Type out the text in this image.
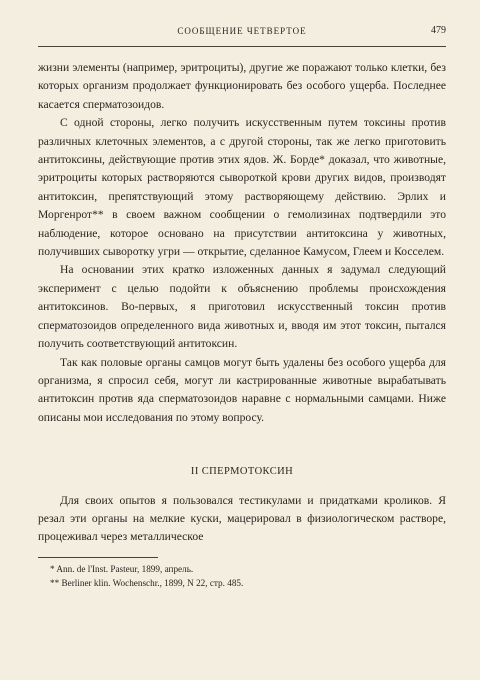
СООБЩЕНИЕ ЧЕТВЕРТОЕ	479

жизни элементы (например, эритроциты), другие же поражают только клетки, без которых организм продолжает функционировать без особого ущерба. Последнее касается сперматозоидов.

С одной стороны, легко получить искусственным путем токсины против различных клеточных элементов, а с другой стороны, так же легко приготовить антитоксины, действующие против этих ядов. Ж. Борде* доказал, что животные, эритроциты которых растворяются сывороткой крови других видов, производят антитоксин, препятствующий этому растворяющему действию. Эрлих и Моргенрот** в своем важном сообщении о гемолизинах подтвердили это наблюдение, которое основано на присутствии антитоксина у животных, получивших сыворотку угри — открытие, сделанное Камусом, Глеем и Косселем.

На основании этих кратко изложенных данных я задумал следующий эксперимент с целью подойти к объяснению проблемы происхождения антитоксинов. Во-первых, я приготовил искусственный токсин против сперматозоидов определенного вида животных и, вводя им этот токсин, пытался получить соответствующий антитоксин.

Так как половые органы самцов могут быть удалены без особого ущерба для организма, я спросил себя, могут ли кастрированные животные вырабатывать антитоксин против яда сперматозоидов наравне с нормальными самцами. Ниже описаны мои исследования по этому вопросу.

II СПЕРМОТОКСИН

Для своих опытов я пользовался тестикулами и придатками кроликов. Я резал эти органы на мелкие куски, мацерировал в физиологическом растворе, процеживал через металлическое

* Ann. de l'Inst. Pasteur, 1899, апрель.
** Berliner klin. Wochenschr., 1899, N 22, стр. 485.
